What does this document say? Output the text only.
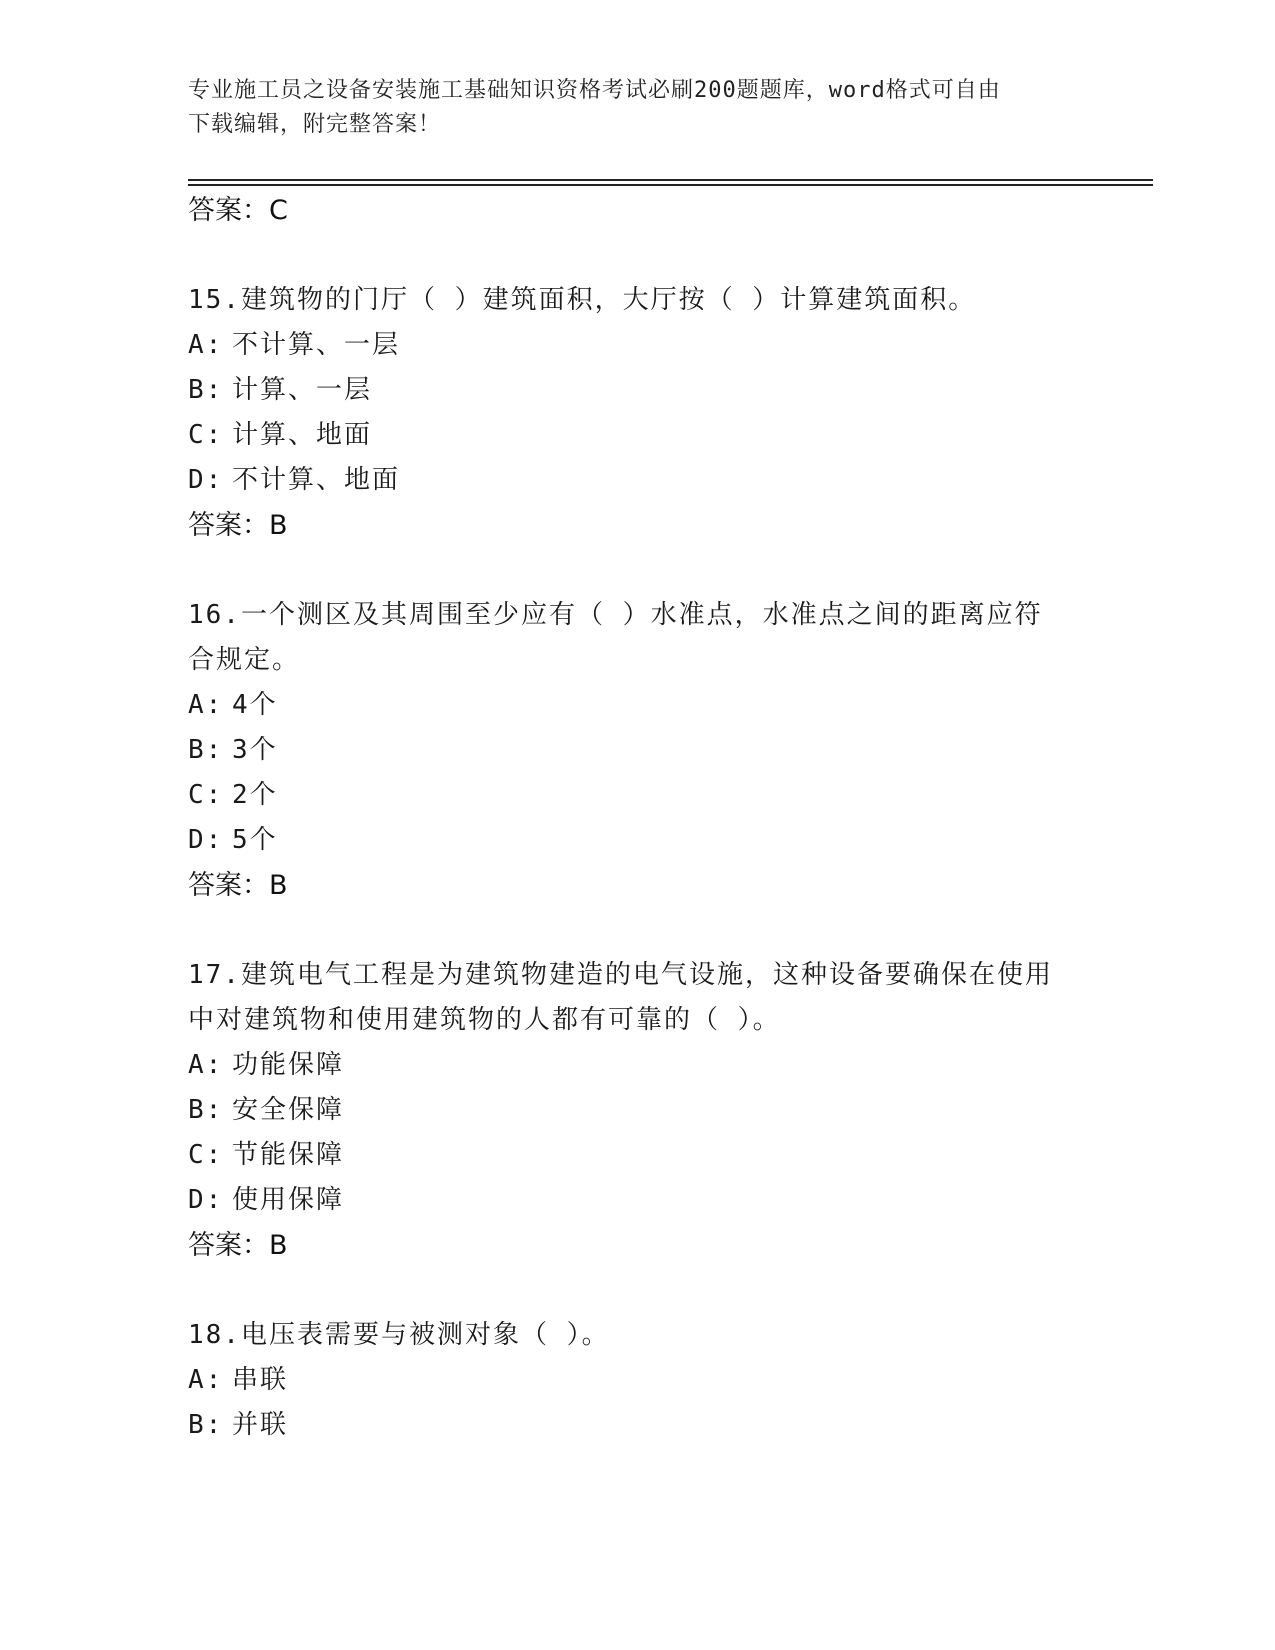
专业施工员之设备安装施工基础知识资格考试必刷200题题库，word格式可自由
下载编辑，附完整答案！
答案：C
15.建筑物的门厅（ ）建筑面积，大厅按（ ）计算建筑面积。
A: 不计算、一层
B: 计算、一层
C: 计算、地面
D: 不计算、地面
答案：B
16.一个测区及其周围至少应有（ ）水准点，水准点之间的距离应符
合规定。
A: 4个
B: 3个
C: 2个
D: 5个
答案：B
17.建筑电气工程是为建筑物建造的电气设施，这种设备要确保在使用
中对建筑物和使用建筑物的人都有可靠的（ ）。
A: 功能保障
B: 安全保障
C: 节能保障
D: 使用保障
答案：B
18.电压表需要与被测对象（ ）。
A: 串联
B: 并联
